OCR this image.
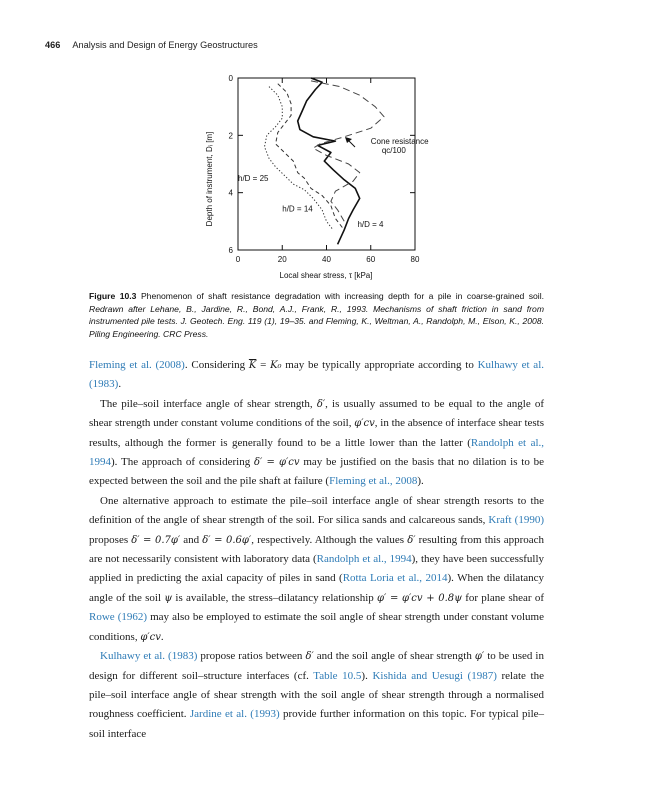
466 Analysis and Design of Energy Geostructures
0	20	40	60	80
0
2
4
6
Cone resistance
qᴄ/100
h/D = 25
h/D = 14
h/D = 4
Local shear stress, τ [kPa]
Depth of instrument, Dᵢ [m]
Figure 10.3 Phenomenon of shaft resistance degradation with increasing depth for a pile in coarse-grained soil. Redrawn after Lehane, B., Jardine, R., Bond, A.J., Frank, R., 1993. Mechanisms of shaft friction in sand from instrumented pile tests. J. Geotech. Eng. 119 (1), 19–35. and Fleming, K., Weltman, A., Randolph, M., Elson, K., 2008. Piling Engineering. CRC Press.

Fleming et al. (2008). Considering $\overline{K} = K_0$ may be typically appropriate according to Kulhawy et al. (1983).

The pile–soil interface angle of shear strength, δ′, is usually assumed to be equal to the angle of shear strength under constant volume conditions of the soil, φ′cv, in the absence of interface shear tests results, although the former is generally found to be a little lower than the latter (Randolph et al., 1994). The approach of considering δ′ = φ′cv may be justified on the basis that no dilation is to be expected between the soil and the pile shaft at failure (Fleming et al., 2008).

One alternative approach to estimate the pile–soil interface angle of shear strength resorts to the definition of the angle of shear strength of the soil. For silica sands and calcareous sands, Kraft (1990) proposes δ′ = 0.7φ′ and δ′ = 0.6φ′, respectively. Although the values δ′ resulting from this approach are not necessarily consistent with laboratory data (Randolph et al., 1994), they have been successfully applied in predicting the axial capacity of piles in sand (Rotta Loria et al., 2014). When the dilatancy angle of the soil ψ is available, the stress–dilatancy relationship φ′ = φ′cv + 0.8ψ for plane shear of Rowe (1962) may also be employed to estimate the soil angle of shear strength under constant volume conditions, φ′cv.

Kulhawy et al. (1983) propose ratios between δ′ and the soil angle of shear strength φ′ to be used in design for different soil–structure interfaces (cf. Table 10.5). Kishida and Uesugi (1987) relate the pile–soil interface angle of shear strength with the soil angle of shear strength through a normalised roughness coefficient. Jardine et al. (1993) provide further information on this topic. For typical pile–soil interface
